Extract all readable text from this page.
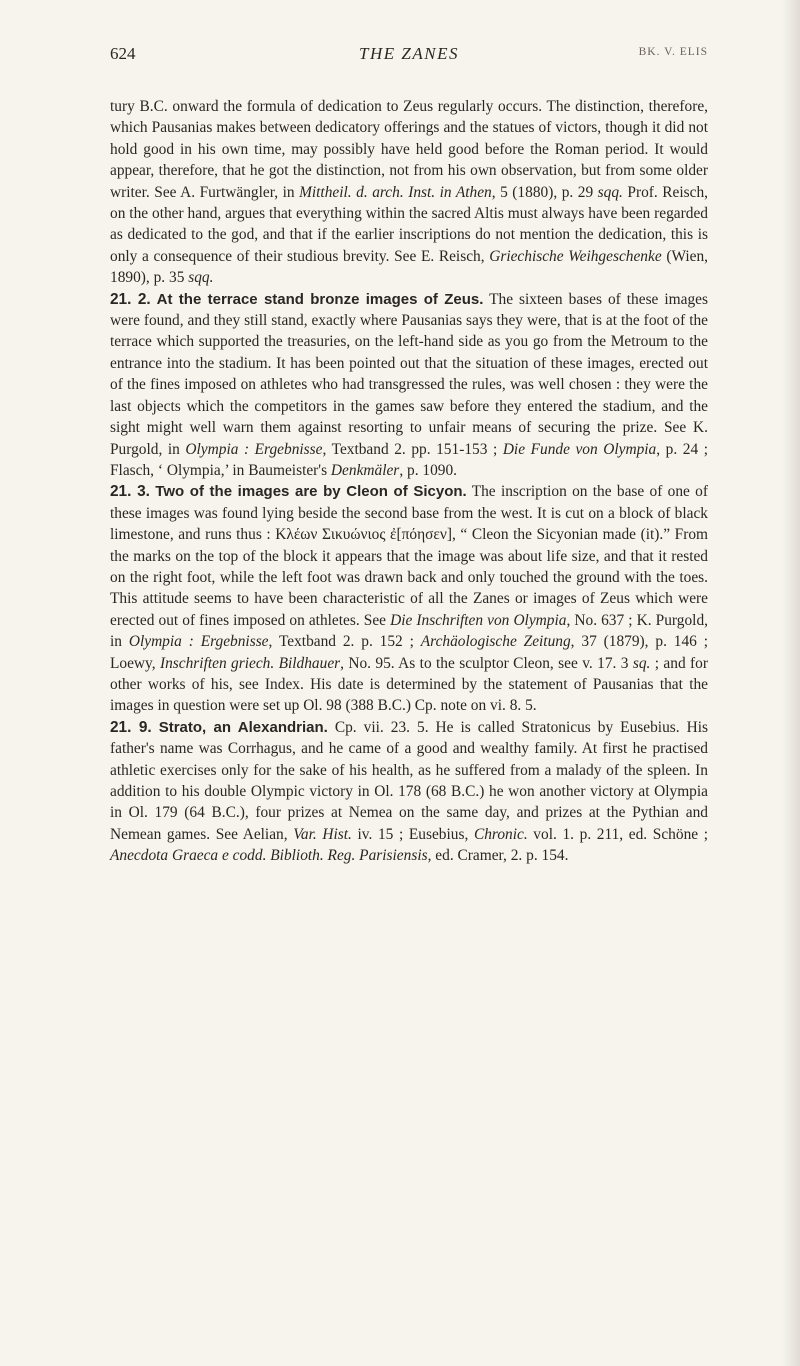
624	THE ZANES	BK. V. ELIS

tury B.C. onward the formula of dedication to Zeus regularly occurs. The distinction, therefore, which Pausanias makes between dedicatory offerings and the statues of victors, though it did not hold good in his own time, may possibly have held good before the Roman period. It would appear, therefore, that he got the distinction, not from his own observation, but from some older writer. See A. Furtwängler, in Mittheil. d. arch. Inst. in Athen, 5 (1880), p. 29 sqq. Prof. Reisch, on the other hand, argues that everything within the sacred Altis must always have been regarded as dedicated to the god, and that if the earlier inscriptions do not mention the dedication, this is only a consequence of their studious brevity. See E. Reisch, Griechische Weihgeschenke (Wien, 1890), p. 35 sqq.

21. 2. At the terrace stand bronze images of Zeus. The sixteen bases of these images were found, and they still stand, exactly where Pausanias says they were, that is at the foot of the terrace which supported the treasuries, on the left-hand side as you go from the Metroum to the entrance into the stadium. It has been pointed out that the situation of these images, erected out of the fines imposed on athletes who had transgressed the rules, was well chosen : they were the last objects which the competitors in the games saw before they entered the stadium, and the sight might well warn them against resorting to unfair means of securing the prize. See K. Purgold, in Olympia : Ergebnisse, Textband 2. pp. 151-153 ; Die Funde von Olympia, p. 24 ; Flasch, ‘ Olympia,’ in Baumeister's Denkmäler, p. 1090.

21. 3. Two of the images are by Cleon of Sicyon. The inscription on the base of one of these images was found lying beside the second base from the west. It is cut on a block of black limestone, and runs thus : Κλέων Σικυώνιος ἐ[πόησεν], “ Cleon the Sicyonian made (it).” From the marks on the top of the block it appears that the image was about life size, and that it rested on the right foot, while the left foot was drawn back and only touched the ground with the toes. This attitude seems to have been characteristic of all the Zanes or images of Zeus which were erected out of fines imposed on athletes. See Die Inschriften von Olympia, No. 637 ; K. Purgold, in Olympia : Ergebnisse, Textband 2. p. 152 ; Archäologische Zeitung, 37 (1879), p. 146 ; Loewy, Inschriften griech. Bildhauer, No. 95. As to the sculptor Cleon, see v. 17. 3 sq. ; and for other works of his, see Index. His date is determined by the statement of Pausanias that the images in question were set up Ol. 98 (388 B.C.) Cp. note on vi. 8. 5.

21. 9. Strato, an Alexandrian. Cp. vii. 23. 5. He is called Stratonicus by Eusebius. His father's name was Corrhagus, and he came of a good and wealthy family. At first he practised athletic exercises only for the sake of his health, as he suffered from a malady of the spleen. In addition to his double Olympic victory in Ol. 178 (68 B.C.) he won another victory at Olympia in Ol. 179 (64 B.C.), four prizes at Nemea on the same day, and prizes at the Pythian and Nemean games. See Aelian, Var. Hist. iv. 15 ; Eusebius, Chronic. vol. 1. p. 211, ed. Schöne ; Anecdota Graeca e codd. Biblioth. Reg. Parisiensis, ed. Cramer, 2. p. 154.
